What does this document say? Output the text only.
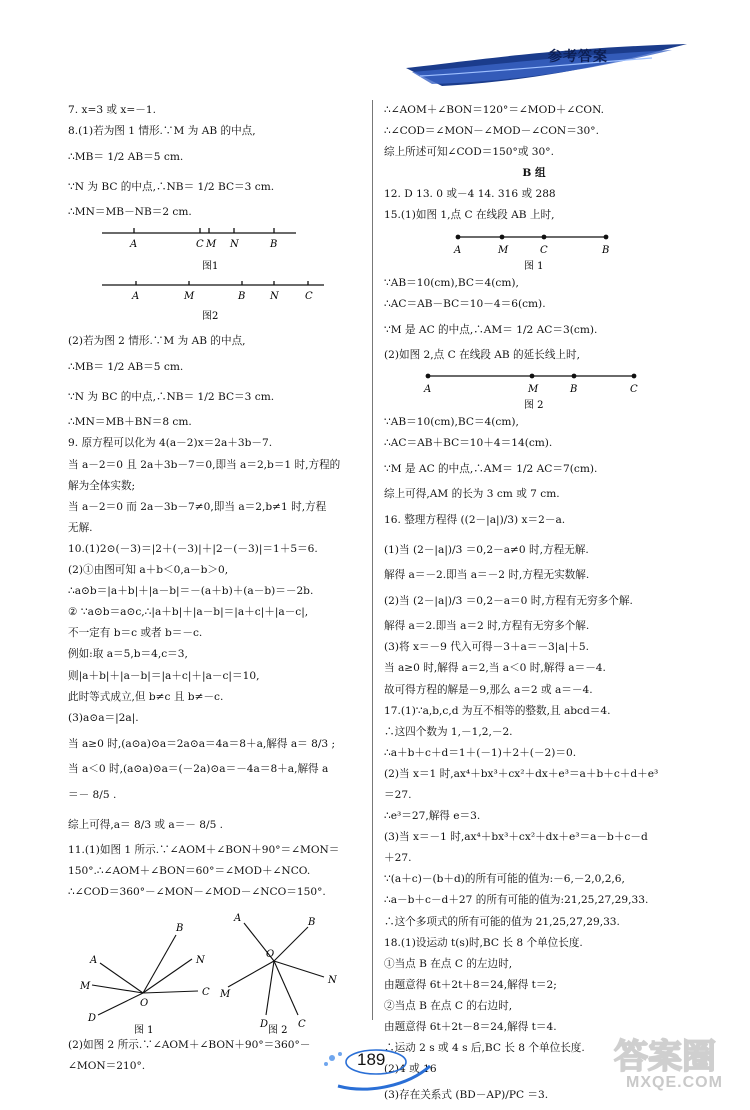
参考答案
7. x=3 或 x=－1.
8.(1)若为图 1 情形.∵M 为 AB 的中点,
∴MB＝ 1/2 AB＝5 cm.
∵N 为 BC 的中点,∴NB＝ 1/2 BC＝3 cm.
∴MN＝MB－NB＝2 cm.
A	C M N	B
图1
A	M	B N	C
图2
(2)若为图 2 情形.∵M 为 AB 的中点,
∴MB＝ 1/2 AB＝5 cm.
∵N 为 BC 的中点,∴NB＝ 1/2 BC＝3 cm.
∴MN＝MB＋BN＝8 cm.
9. 原方程可以化为 4(a－2)x＝2a＋3b－7.
当 a－2＝0 且 2a＋3b－7＝0,即当 a＝2,b＝1 时,方程的
解为全体实数;
当 a－2＝0 而 2a－3b－7≠0,即当 a＝2,b≠1 时,方程
无解.
10.(1)2⊙(－3)＝|2＋(－3)|＋|2－(－3)|＝1＋5＝6.
(2)①由图可知 a＋b＜0,a－b＞0,
∴a⊙b＝|a＋b|＋|a－b|＝－(a＋b)＋(a－b)＝－2b.
② ∵a⊙b＝a⊙c,∴|a＋b|＋|a－b|＝|a＋c|＋|a－c|,
不一定有 b＝c 或者 b＝－c.
例如:取 a＝5,b＝4,c＝3,
则|a＋b|＋|a－b|＝|a＋c|＋|a－c|＝10,
此时等式成立,但 b≠c 且 b≠－c.
(3)a⊙a＝|2a|.
当 a≥0 时,(a⊙a)⊙a＝2a⊙a＝4a＝8＋a,解得 a＝ 8/3 ;
当 a＜0 时,(a⊙a)⊙a＝(－2a)⊙a＝－4a＝8＋a,解得 a
＝－ 8/5 .
综上可得,a＝ 8/3 或 a＝－ 8/5 .
11.(1)如图 1 所示.∵∠AOM＋∠BON＋90°＝∠MON＝
150°.∴∠AOM＋∠BON＝60°＝∠MOD＋∠NCO.
∴∠COD＝360°－∠MON－∠MOD－∠NCO＝150°.
B
A	N
M
O
C
D
图 1
M
D	C
A
O
B
N
图 2
(2)如图 2 所示.∵∠AOM＋∠BON＋90°＝360°－
∠MON＝210°.
∴∠AOM＋∠BON＝120°＝∠MOD＋∠CON.
∴∠COD＝∠MON－∠MOD－∠CON＝30°.
综上所述可知∠COD＝150°或 30°.
B 组
12. D 13. 0 或－4 14. 316 或 288
15.(1)如图 1,点 C 在线段 AB 上时,
A	M	C	B
图 1
∵AB＝10(cm),BC＝4(cm),
∴AC＝AB－BC＝10－4＝6(cm).
∵M 是 AC 的中点,∴AM＝ 1/2 AC＝3(cm).
(2)如图 2,点 C 在线段 AB 的延长线上时,
A	M	B	C
图 2
∵AB＝10(cm),BC＝4(cm),
∴AC＝AB＋BC＝10＋4＝14(cm).
∵M 是 AC 的中点,∴AM＝ 1/2 AC＝7(cm).
综上可得,AM 的长为 3 cm 或 7 cm.
16. 整理方程得 ((2－|a|)/3) x＝2－a.
(1)当 (2－|a|)/3 ＝0,2－a≠0 时,方程无解.
解得 a＝－2.即当 a＝－2 时,方程无实数解.
(2)当 (2－|a|)/3 ＝0,2－a＝0 时,方程有无穷多个解.
解得 a＝2.即当 a＝2 时,方程有无穷多个解.
(3)将 x＝－9 代入可得－3＋a＝－3|a|＋5.
当 a≥0 时,解得 a＝2,当 a＜0 时,解得 a＝－4.
故可得方程的解是－9,那么 a＝2 或 a＝－4.
17.(1)∵a,b,c,d 为互不相等的整数,且 abcd＝4.
∴这四个数为 1,－1,2,－2.
∴a＋b＋c＋d＝1＋(－1)＋2＋(－2)＝0.
(2)当 x＝1 时,ax⁴＋bx³＋cx²＋dx＋e³＝a＋b＋c＋d＋e³
＝27.
∴e³＝27,解得 e＝3.
(3)当 x＝－1 时,ax⁴＋bx³＋cx²＋dx＋e³＝a－b＋c－d
＋27.
∵(a＋c)－(b＋d)的所有可能的值为:－6,－2,0,2,6,
∴a－b＋c－d＋27 的所有可能的值为:21,25,27,29,33.
∴这个多项式的所有可能的值为 21,25,27,29,33.
18.(1)设运动 t(s)时,BC 长 8 个单位长度.
①当点 B 在点 C 的左边时,
由题意得 6t＋2t＋8＝24,解得 t＝2;
②当点 B 在点 C 的右边时,
由题意得 6t＋2t－8＝24,解得 t＝4.
∴运动 2 s 或 4 s 后,BC 长 8 个单位长度.
(2)4 或 16
(3)存在关系式 (BD－AP)/PC ＝3.
189	答案圈
MXQE.COM
